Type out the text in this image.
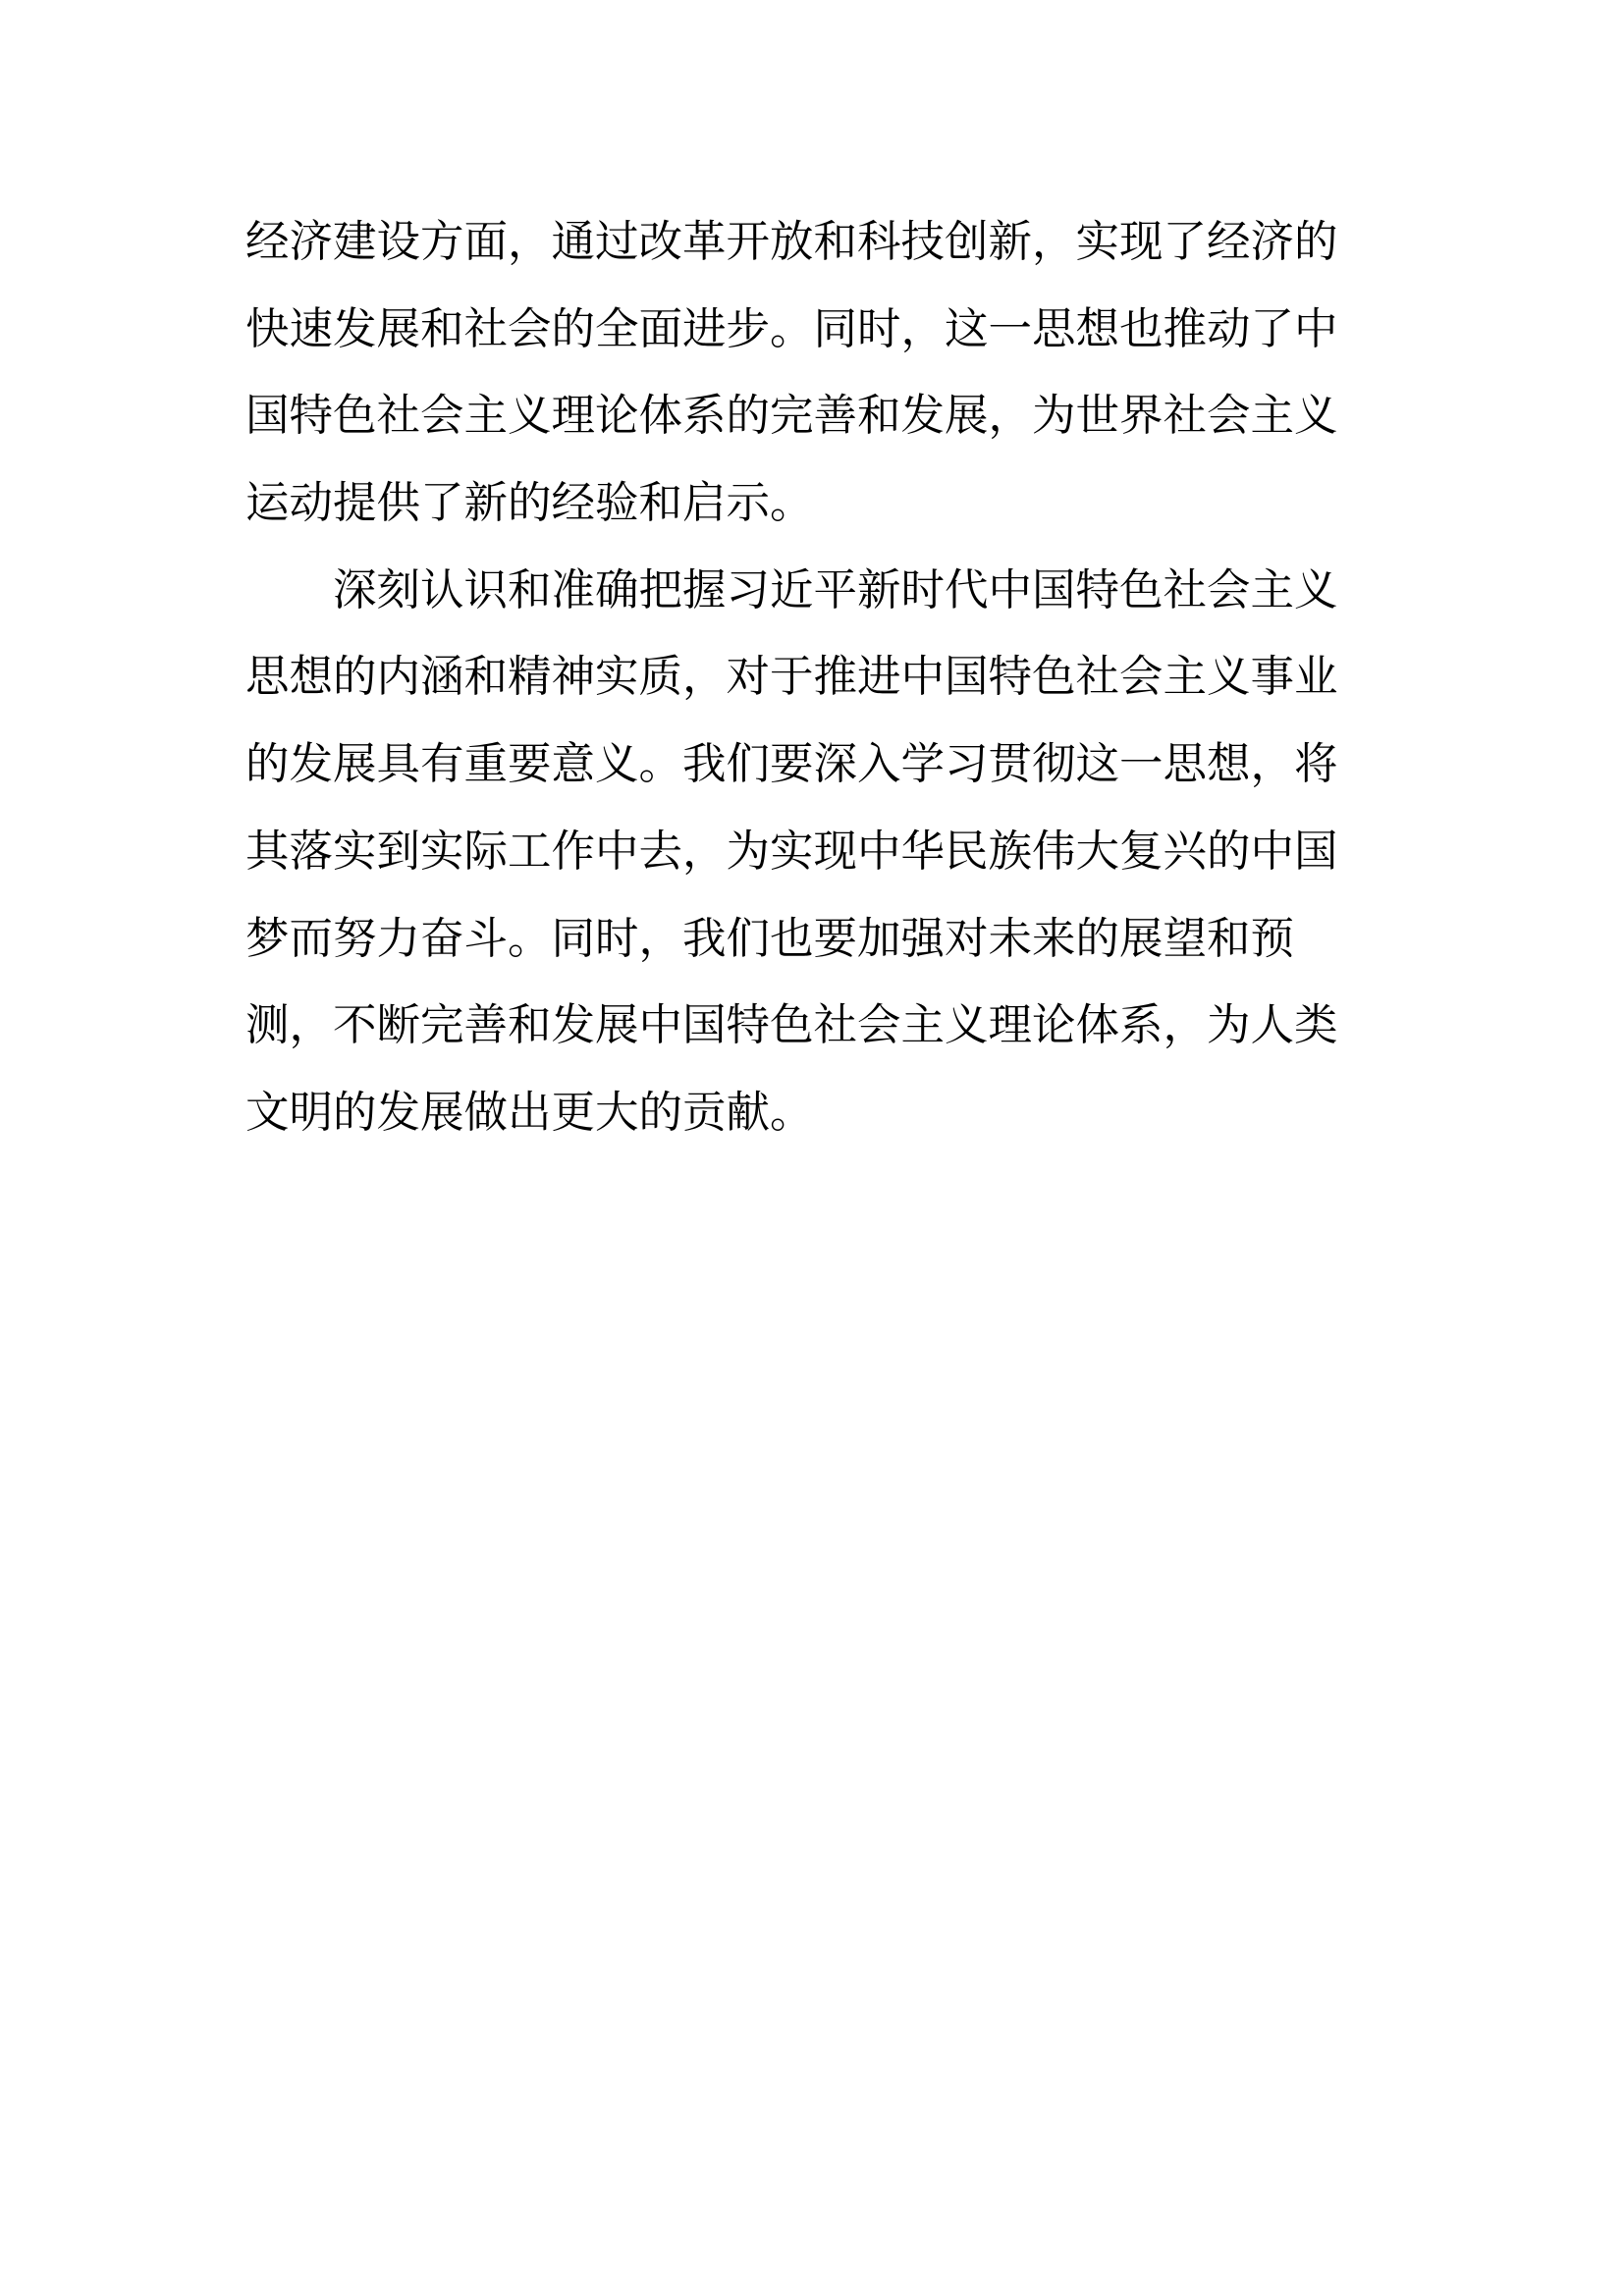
经济建设方面，通过改革开放和科技创新，实现了经济的
快速发展和社会的全面进步。同时，这一思想也推动了中
国特色社会主义理论体系的完善和发展，为世界社会主义
运动提供了新的经验和启示。
深刻认识和准确把握习近平新时代中国特色社会主义
思想的内涵和精神实质，对于推进中国特色社会主义事业
的发展具有重要意义。我们要深入学习贯彻这一思想，将
其落实到实际工作中去，为实现中华民族伟大复兴的中国
梦而努力奋斗。同时，我们也要加强对未来的展望和预
测，不断完善和发展中国特色社会主义理论体系，为人类
文明的发展做出更大的贡献。
